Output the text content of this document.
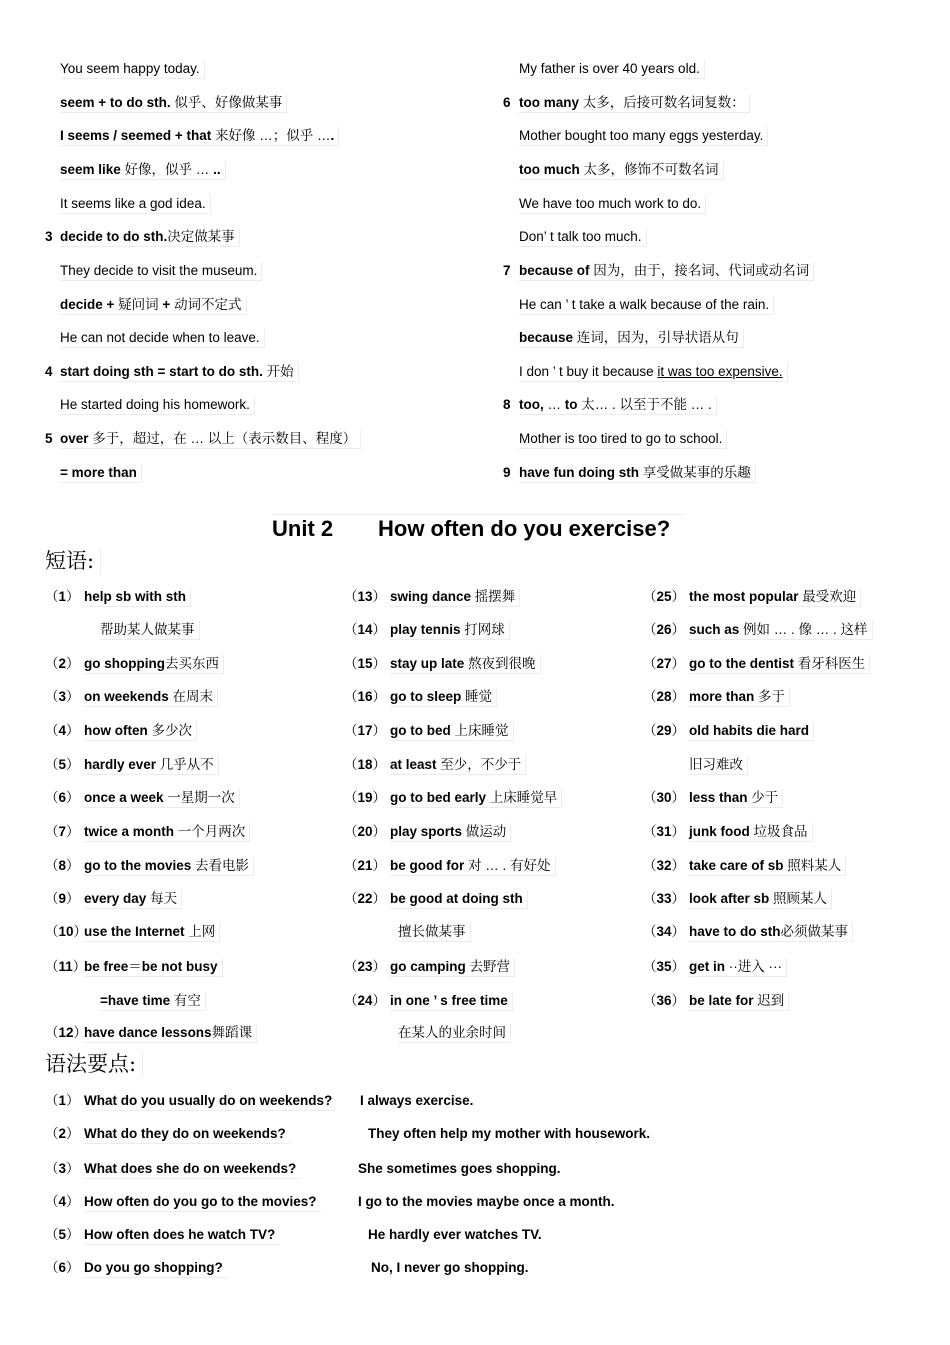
You seem happy today.
seem + to do sth. 似乎、好像做某事
I seems / seemed + that 来好像 …；似乎 ….
seem like 好像，似乎 … ..
It seems like a god idea.
3 decide to do sth.决定做某事
They decide to visit the museum.
decide + 疑问词 + 动词不定式
He can not decide when to leave.
4 start doing sth = start to do sth. 开始
He started doing his homework.
5 over 多于，超过，在 … 以上（表示数目、程度）
= more than
My father is over 40 years old.
6 too many 太多，后接可数名词复数：
Mother bought too many eggs yesterday.
too much 太多，修饰不可数名词
We have too much work to do.
Don’ t talk too much.
7 because of 因为，由于，接名词、代词或动名词
He can ’ t take a walk because of the rain.
because 连词，因为，引导状语从句
I don ’ t buy it because it was too expensive.
8 too, … to 太… . 以至于不能 … .
Mother is too tired to go to school.
9 have fun doing sth 享受做某事的乐趣
Unit 2 How often do you exercise?
短语:
（1） help sb with sth
帮助某人做某事
（2） go shopping去买东西
（3） on weekends 在周末
（4） how often 多少次
（5） hardly ever 几乎从不
（6） once a week 一星期一次
（7） twice a month 一个月两次
（8） go to the movies 去看电影
（9） every day 每天
（10）
use the Internet 上网
（11）
be free＝be not busy
=have time 有空
（12）
have dance lessons舞蹈课
（13） swing dance 摇摆舞
（14） play tennis 打网球
（15） stay up late 熬夜到很晚
（16） go to sleep 睡觉
（17） go to bed 上床睡觉
（18） at least 至少，不少于
（19） go to bed early 上床睡觉早
（20） play sports 做运动
（21） be good for 对 … . 有好处
（22） be good at doing sth
擅长做某事
（23） go camping 去野营
（24） in one ’ s free time
在某人的业余时间
（25） the most popular 最受欢迎
（26） such as 例如 … . 像 … . 这样
（27） go to the dentist 看牙科医生
（28） more than 多于
（29） old habits die hard
旧习难改
（30） less than 少于
（31） junk food 垃圾食品
（32） take care of sb 照料某人
（33） look after sb 照顾某人
（34） have to do sth必须做某事
（35） get in ··进入 ···
（36） be late for 迟到
语法要点:
（1） What do you usually do on weekends? I always exercise.
（2） What do they do on weekends?	They often help my mother with housework.
（3） What does she do on weekends?	She sometimes goes shopping.
（4） How often do you go to the movies?	I go to the movies maybe once a month.
（5） How often does he watch TV?	He hardly ever watches TV.
（6） Do you go shopping?	No, I never go shopping.
